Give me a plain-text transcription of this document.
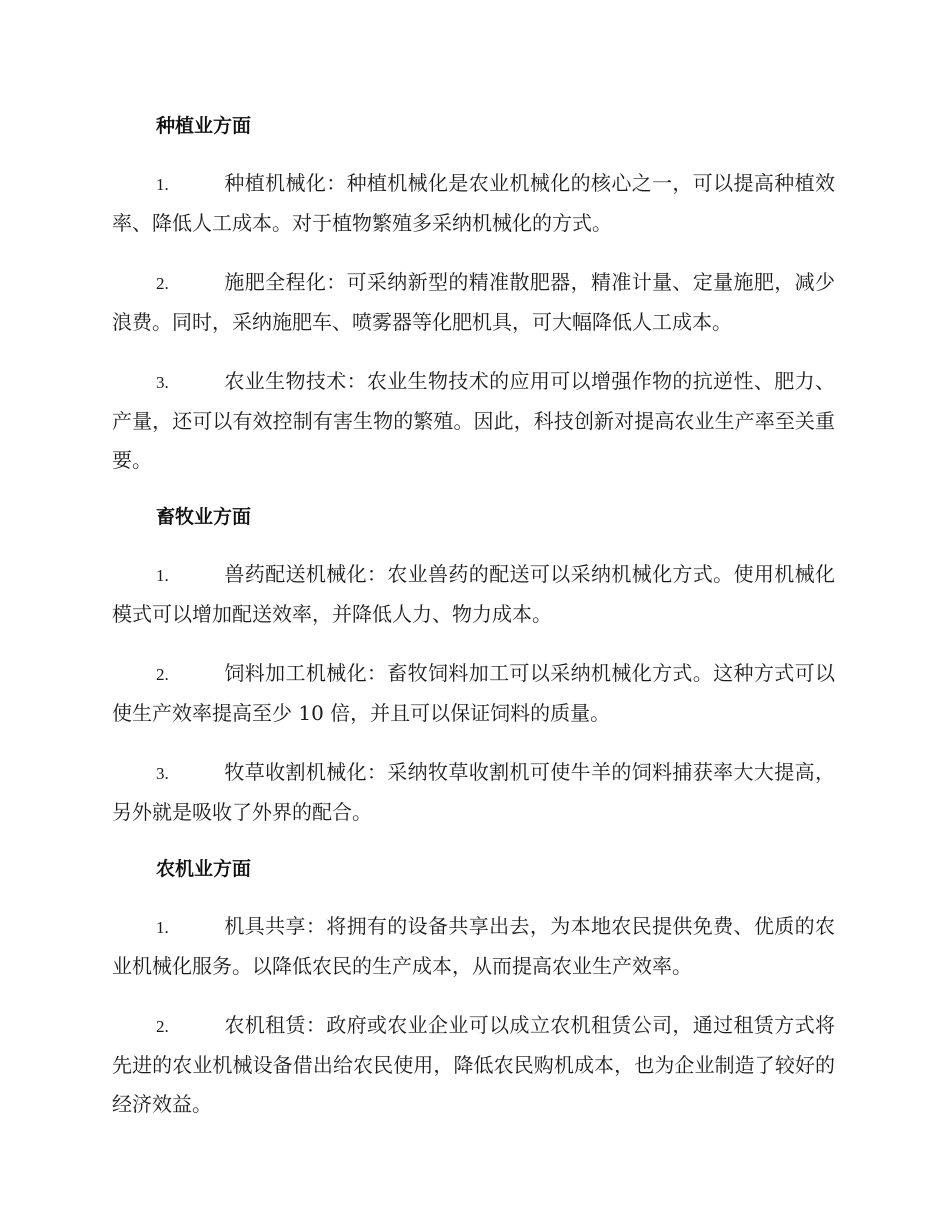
种植业方面

1.	种植机械化：种植机械化是农业机械化的核心之一，可以提高种植效率、降低人工成本。对于植物繁殖多采纳机械化的方式。

2.	施肥全程化：可采纳新型的精准散肥器，精准计量、定量施肥，减少浪费。同时，采纳施肥车、喷雾器等化肥机具，可大幅降低人工成本。

3.	农业生物技术：农业生物技术的应用可以增强作物的抗逆性、肥力、产量，还可以有效控制有害生物的繁殖。因此，科技创新对提高农业生产率至关重要。

畜牧业方面

1.	兽药配送机械化：农业兽药的配送可以采纳机械化方式。使用机械化模式可以增加配送效率，并降低人力、物力成本。

2.	饲料加工机械化：畜牧饲料加工可以采纳机械化方式。这种方式可以使生产效率提高至少 10 倍，并且可以保证饲料的质量。

3.	牧草收割机械化：采纳牧草收割机可使牛羊的饲料捕获率大大提高，另外就是吸收了外界的配合。

农机业方面

1.	机具共享：将拥有的设备共享出去，为本地农民提供免费、优质的农业机械化服务。以降低农民的生产成本，从而提高农业生产效率。

2.	农机租赁：政府或农业企业可以成立农机租赁公司，通过租赁方式将先进的农业机械设备借出给农民使用，降低农民购机成本，也为企业制造了较好的经济效益。
